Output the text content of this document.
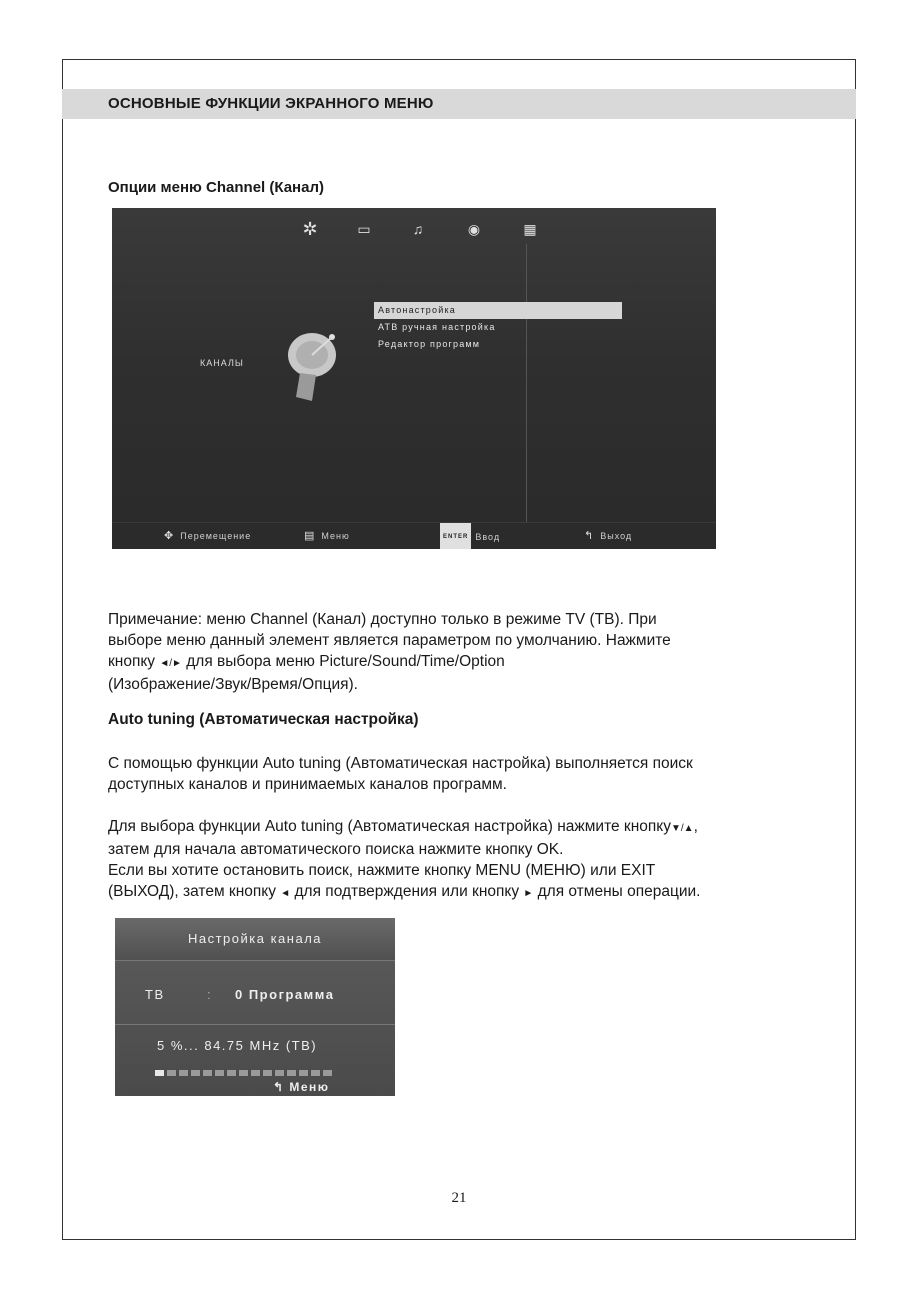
ОСНОВНЫЕ ФУНКЦИИ ЭКРАННОГО МЕНЮ
Опции меню Channel (Канал)
✲	▭	♫	◉	▦
КАНАЛЫ
Автонастройка
АТВ ручная настройка
Редактор программ
✥ Перемещение	▤ Меню	ENTER Ввод	↰ Выход
Примечание: меню Channel (Канал) доступно только в режиме TV (ТВ). При
выборе меню данный элемент является параметром по умолчанию. Нажмите
кнопку ◄/► для выбора меню Picture/Sound/Time/Option
(Изображение/Звук/Время/Опция).
Auto tuning (Автоматическая настройка)
С помощью функции Auto tuning (Автоматическая настройка) выполняется поиск
доступных каналов и принимаемых каналов программ.
Для выбора функции Auto tuning (Автоматическая настройка) нажмите кнопку▼/▲,
затем для начала автоматического поиска нажмите кнопку OK.
Если вы хотите остановить поиск, нажмите кнопку MENU (МЕНЮ) или EXIT
(ВЫХОД), затем кнопку ◄ для подтверждения или кнопку ► для отмены операции.
Настройка канала
ТВ	: 0 Программа
5 %... 84.75 MHz (ТВ)
↰ Меню
21
